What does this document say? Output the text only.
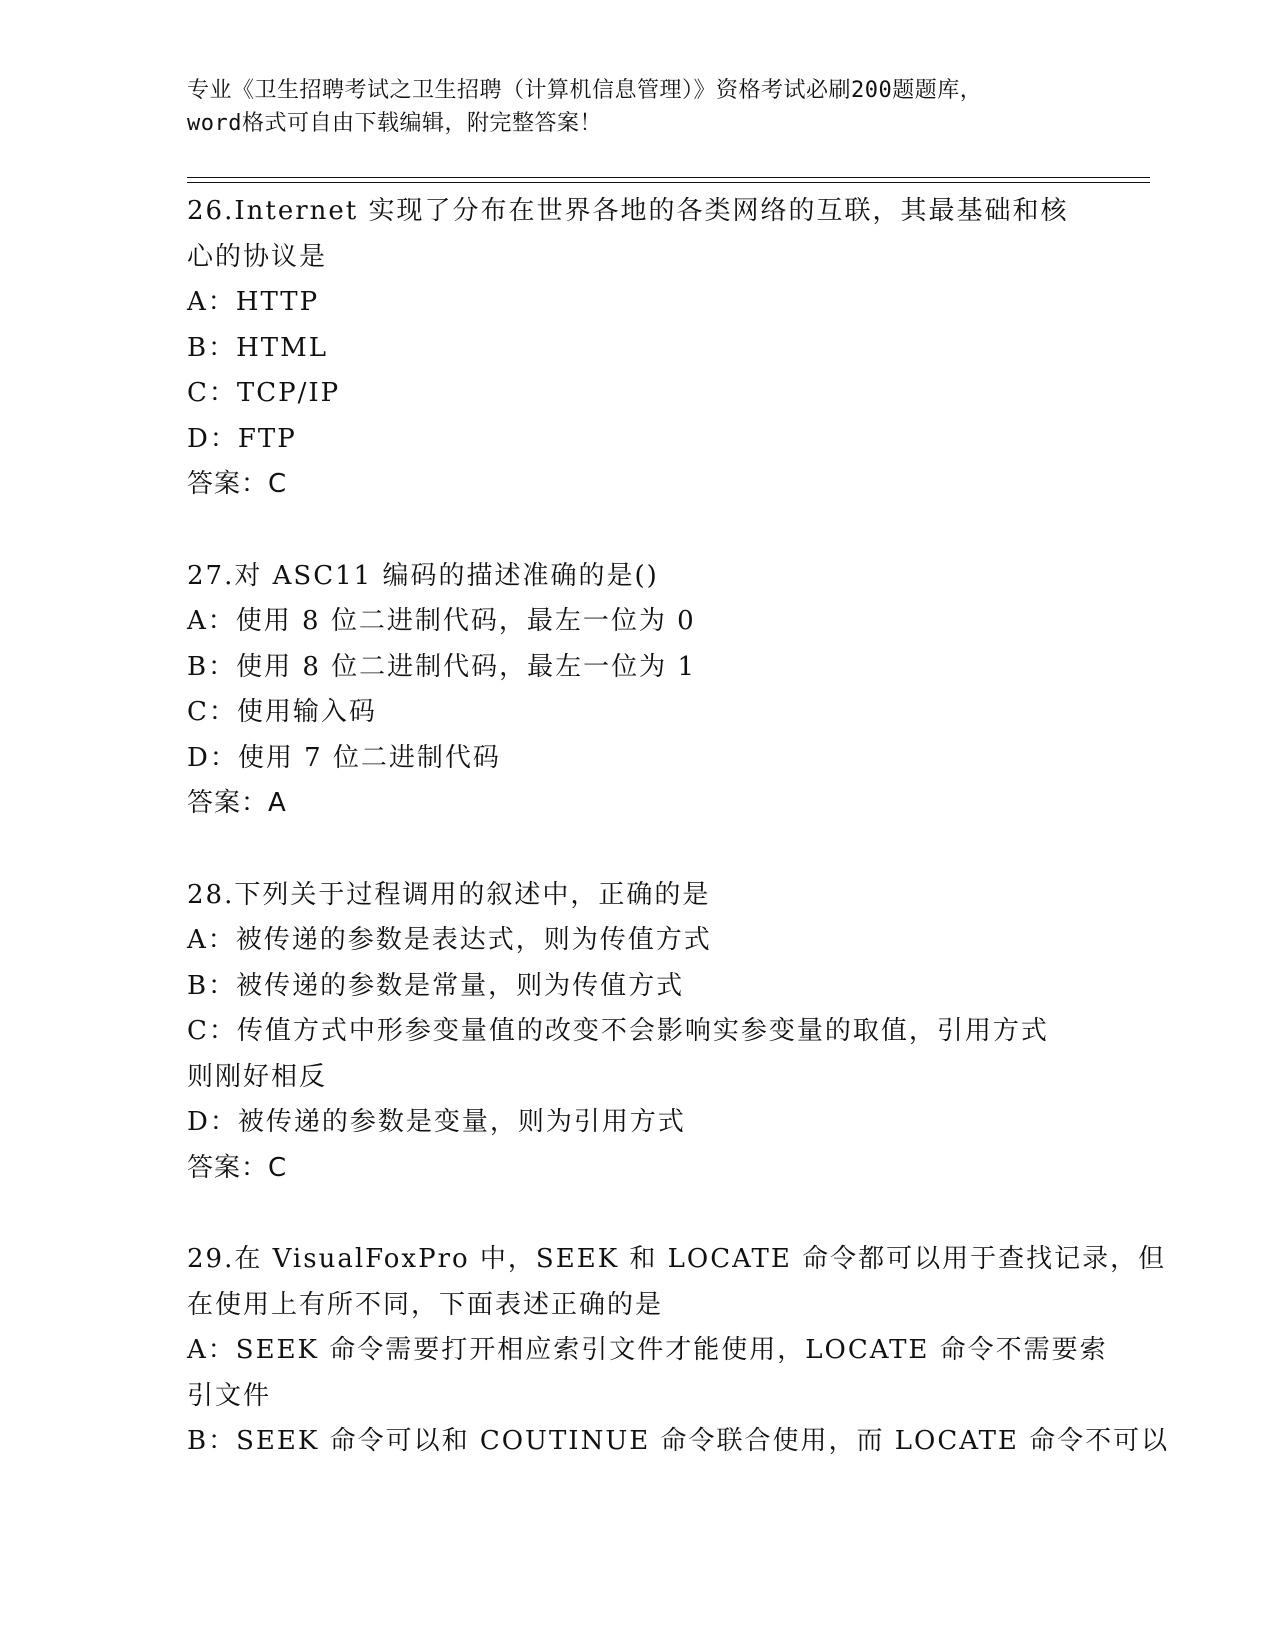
专业《卫生招聘考试之卫生招聘（计算机信息管理）》资格考试必刷200题题库，
word格式可自由下载编辑，附完整答案！
26.Internet 实现了分布在世界各地的各类网络的互联，其最基础和核
心的协议是
A：HTTP
B：HTML
C：TCP/IP
D：FTP
答案：C
27.对 ASC11 编码的描述准确的是()
A：使用 8 位二进制代码，最左一位为 0
B：使用 8 位二进制代码，最左一位为 1
C：使用输入码
D：使用 7 位二进制代码
答案：A
28.下列关于过程调用的叙述中，正确的是
A：被传递的参数是表达式，则为传值方式
B：被传递的参数是常量，则为传值方式
C：传值方式中形参变量值的改变不会影响实参变量的取值，引用方式
则刚好相反
D：被传递的参数是变量，则为引用方式
答案：C
29.在 VisualFoxPro 中，SEEK 和 LOCATE 命令都可以用于查找记录，但
在使用上有所不同，下面表述正确的是
A：SEEK 命令需要打开相应索引文件才能使用，LOCATE 命令不需要索
引文件
B：SEEK 命令可以和 COUTINUE 命令联合使用，而 LOCATE 命令不可以
